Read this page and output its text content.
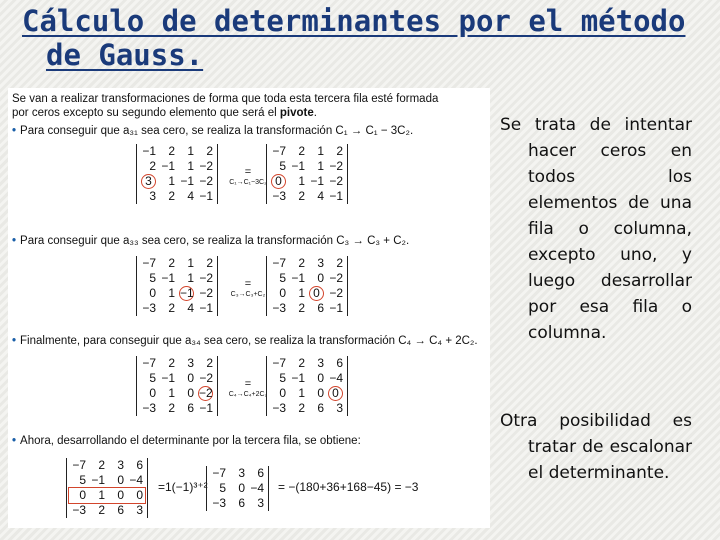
Cálculo de determinantes por el método
de Gauss.
Se van a realizar transformaciones de forma que toda esta tercera fila esté formada
por ceros excepto su segundo elemento que será el pivote.
• Para conseguir que a₃₁ sea cero, se realiza la transformación C₁ → C₁ − 3C₂.
−1	2	1	2
2	−1	1	−2
3	1	−1	−2
3	2	4	−1
=
C₁→C₁−3C₂
−7	2	1	2
5	−1	1	−2
0	1	−1	−2
−3	2	4	−1
• Para conseguir que a₃₃ sea cero, se realiza la transformación C₃ → C₃ + C₂.
−7	2	1	2
5	−1	1	−2
0	1	−1	−2
−3	2	4	−1
=
C₃→C₃+C₂
−7	2	3	2
5	−1	0	−2
0	1	0	−2
−3	2	6	−1
• Finalmente, para conseguir que a₃₄ sea cero, se realiza la transformación C₄ → C₄ + 2C₂.
−7	2	3	2
5	−1	0	−2
0	1	0	−2
−3	2	6	−1
=
C₄→C₄+2C₂
−7	2	3	6
5	−1	0	−4
0	1	0	0
−3	2	6	3
• Ahora, desarrollando el determinante por la tercera fila, se obtiene:
−7	2	3	6
5	−1	0	−4
0	1	0	0
−3	2	6	3
=1(−1)³⁺²
−7	3	6
5	0	−4
−3	6	3
= −(180+36+168−45) = −3

Se trata de intentar hacer ceros en todos los elementos de una fila o columna, excepto uno, y luego desarrollar por esa fila o columna.

Otra posibilidad es tratar de escalonar el determinante.
